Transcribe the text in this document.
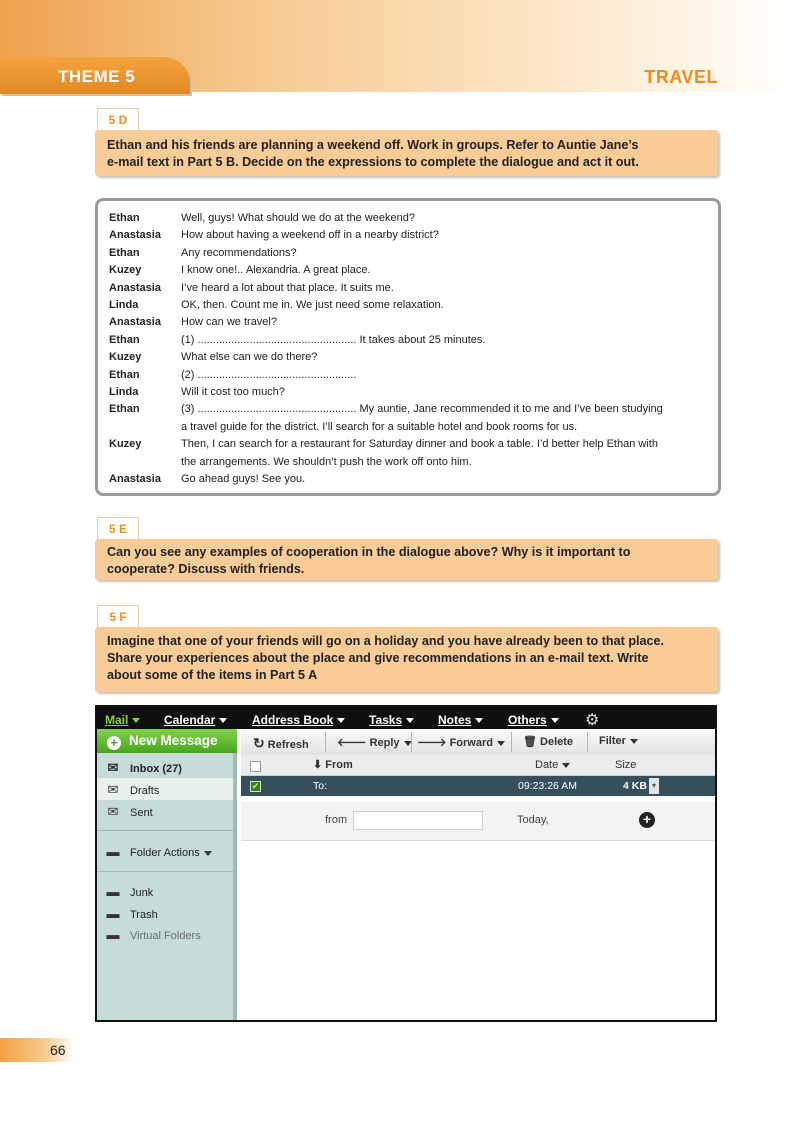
THEME 5	TRAVEL
5 D
Ethan and his friends are planning a weekend off. Work in groups. Refer to Auntie Jane’s
e-mail text in Part 5 B. Decide on the expressions to complete the dialogue and act it out.
Ethan	Well, guys! What should we do at the weekend?
Anastasia	How about having a weekend off in a nearby district?
Ethan	Any recommendations?
Kuzey	I know one!.. Alexandria. A great place.
Anastasia	I’ve heard a lot about that place. It suits me.
Linda	OK, then. Count me in. We just need some relaxation.
Anastasia	How can we travel?
Ethan	(1) .................................................... It takes about 25 minutes.
Kuzey	What else can we do there?
Ethan	(2) ....................................................
Linda	Will it cost too much?
Ethan	(3) .................................................... My auntie, Jane recommended it to me and I’ve been studying
a travel guide for the district. I’ll search for a suitable hotel and book rooms for us.
Kuzey	Then, I can search for a restaurant for Saturday dinner and book a table. I’d better help Ethan with
the arrangements. We shouldn’t push the work off onto him.
Anastasia	Go ahead guys! See you.
5 E
Can you see any examples of cooperation in the dialogue above? Why is it important to
cooperate? Discuss with friends.
5 F
Imagine that one of your friends will go on a holiday and you have already been to that place.
Share your experiences about the place and give recommendations in an e-mail text. Write
about some of the items in Part 5 A
Mail	Calendar	Address Book	Tasks	Notes	Others	⚙
+ New Message
✉ Inbox (27)
✉ Drafts
✉ Sent
▬ Folder Actions
▬ Junk
▬ Trash
▬ Virtual Folders
↻ Refresh	🡐 Reply	🡒 Forward	🗑 Delete Filter
⬇ From	Date	Size
✔	To:	09:23:26 AM	4 KB ▾
from	Today,	+
66
